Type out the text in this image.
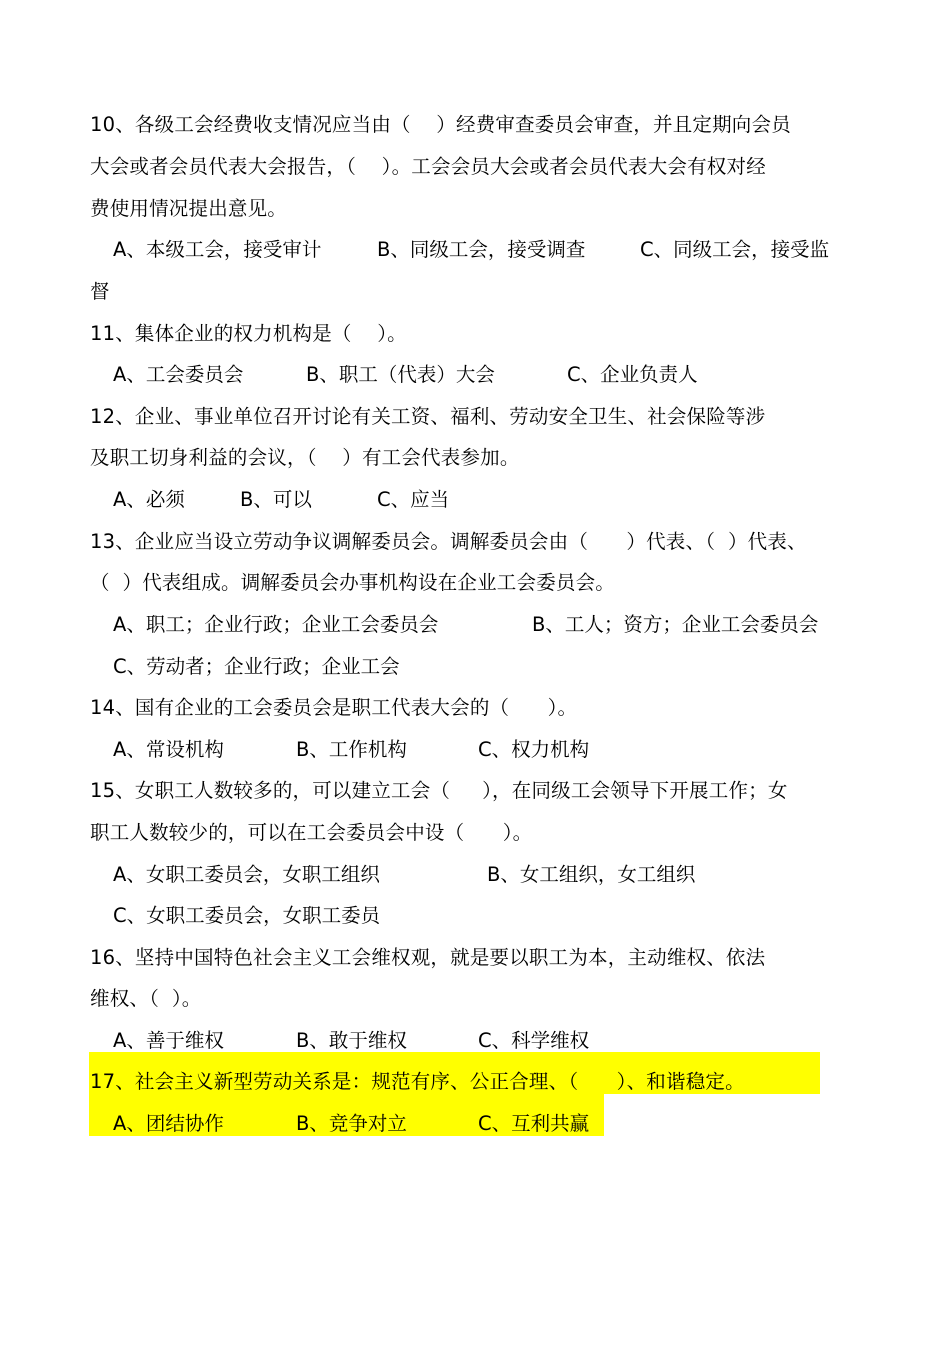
10、各级工会经费收支情况应当由（    ）经费审查委员会审查，并且定期向会员
大会或者会员代表大会报告，（    ）。工会会员大会或者会员代表大会有权对经
费使用情况提出意见。
A、本级工会，接受审计	B、同级工会，接受调查	C、同级工会，接受监
督
11、集体企业的权力机构是（    ）。
A、工会委员会	B、职工（代表）大会	C、企业负责人
12、企业、事业单位召开讨论有关工资、福利、劳动安全卫生、社会保险等涉
及职工切身利益的会议，（    ）有工会代表参加。
A、必须	B、可以	C、应当
13、企业应当设立劳动争议调解委员会。调解委员会由（      ）代表、（  ）代表、
（  ）代表组成。调解委员会办事机构设在企业工会委员会。
A、职工；企业行政；企业工会委员会	B、工人；资方；企业工会委员会
C、劳动者；企业行政；企业工会
14、国有企业的工会委员会是职工代表大会的（      ）。
A、常设机构	B、工作机构	C、权力机构
15、女职工人数较多的，可以建立工会（     ），在同级工会领导下开展工作；女
职工人数较少的，可以在工会委员会中设（      ）。
A、女职工委员会，女职工组织	B、女工组织，女工组织
C、女职工委员会，女职工委员
16、坚持中国特色社会主义工会维权观，就是要以职工为本，主动维权、依法
维权、（  ）。
A、善于维权	B、敢于维权	C、科学维权
17、社会主义新型劳动关系是：规范有序、公正合理、（      ）、和谐稳定。
A、团结协作	B、竞争对立	C、互利共赢
